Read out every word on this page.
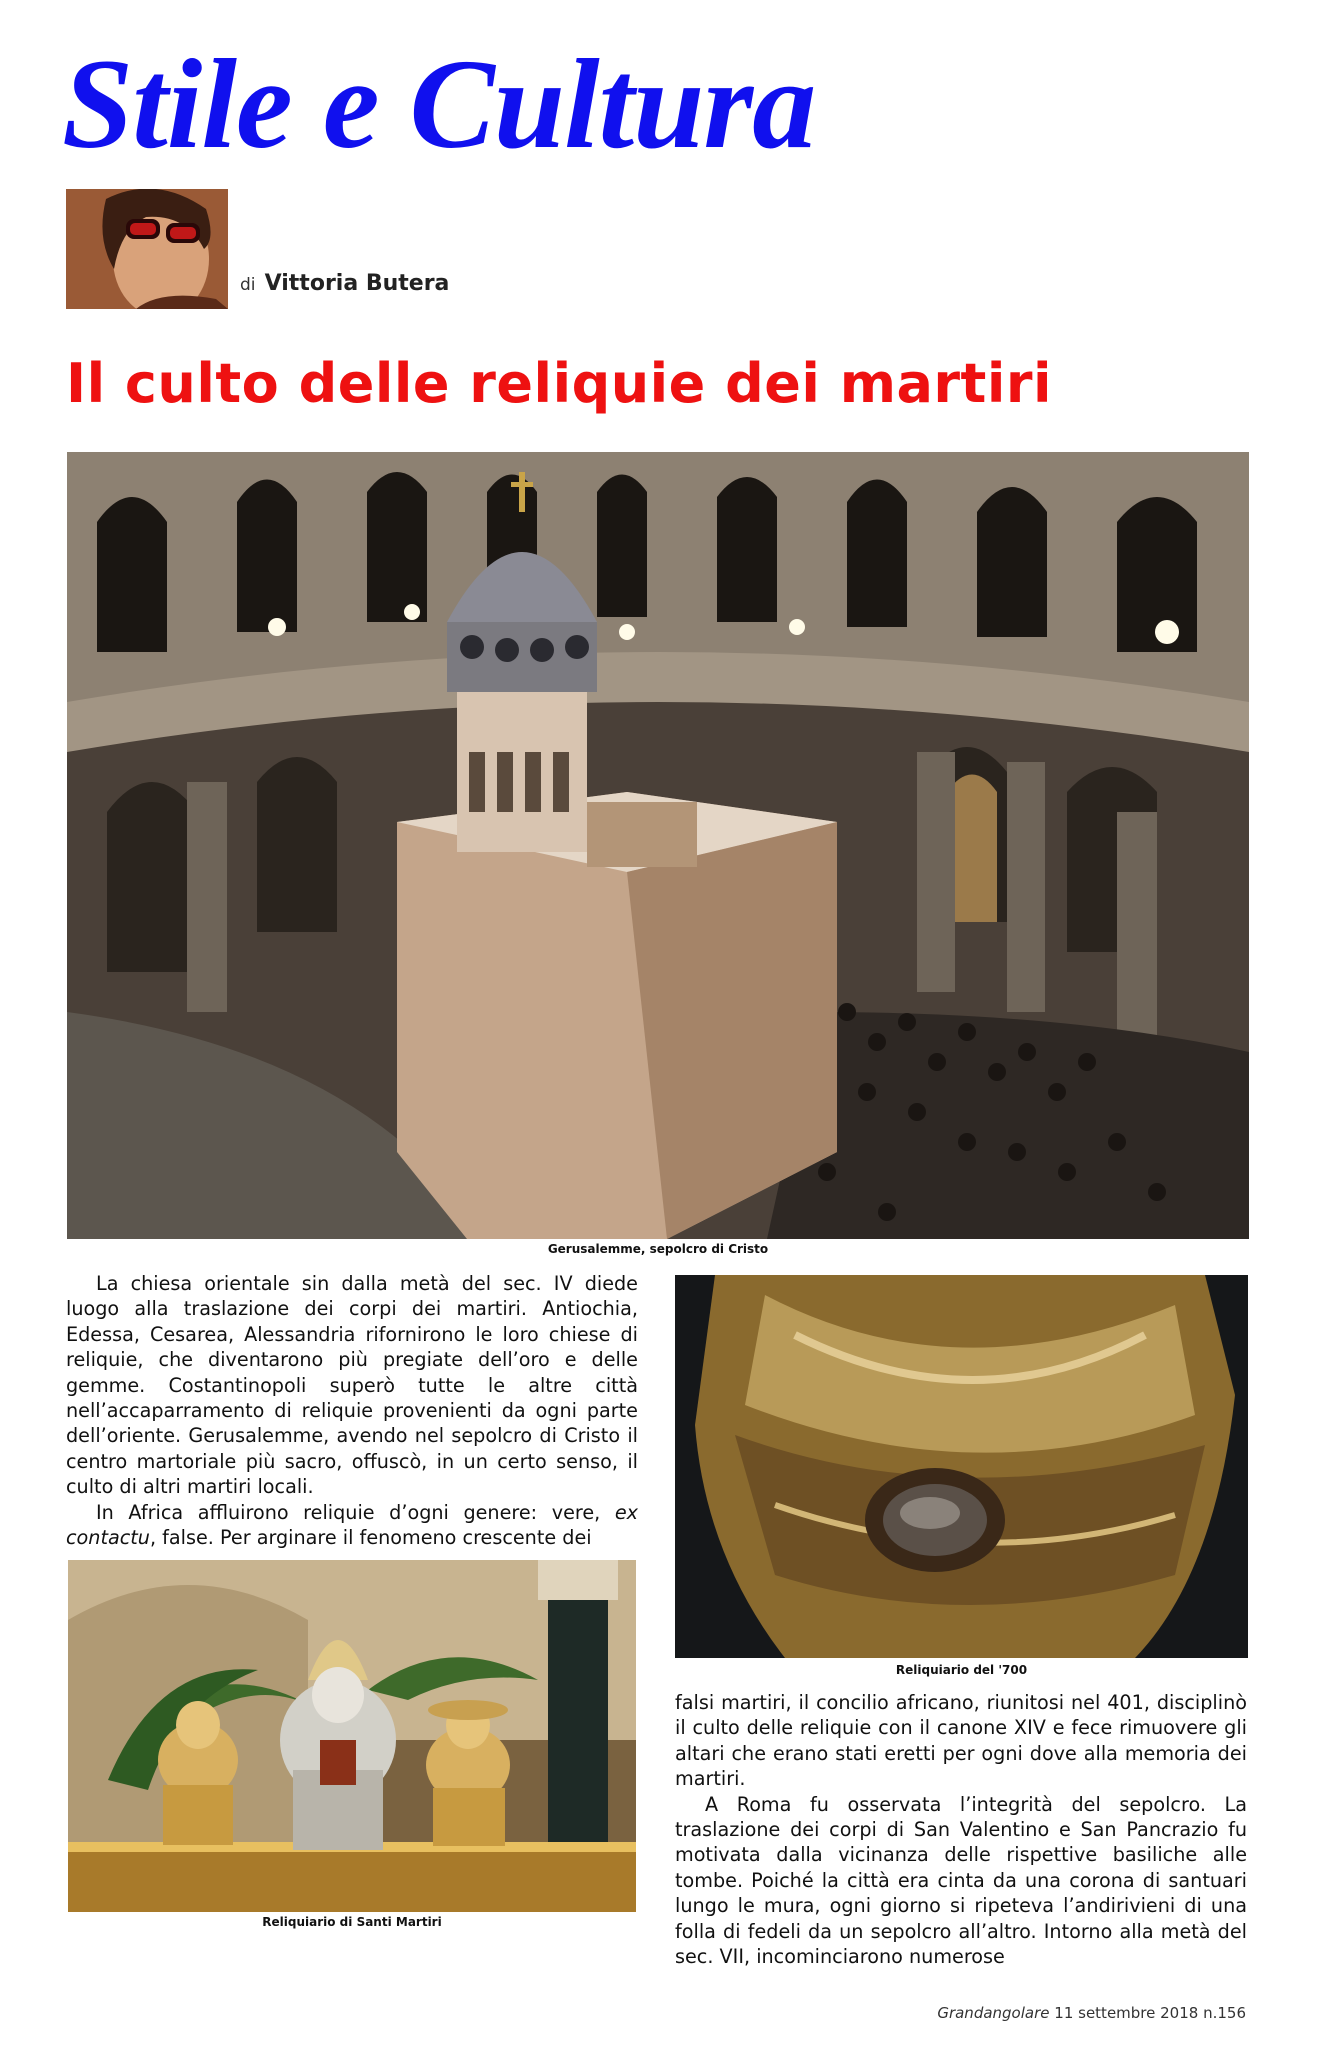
Stile e Cultura
di Vittoria Butera
Il culto delle reliquie dei martiri
Gerusalemme, sepolcro di Cristo

La chiesa orientale sin dalla metà del sec. IV diede luogo alla traslazione dei corpi dei martiri. Antiochia, Edessa, Cesarea, Alessandria rifornirono le loro chiese di reliquie, che diventarono più pregiate dell’oro e delle gemme. Costantinopoli superò tutte le altre città nell’accaparramento di reliquie provenienti da ogni parte dell’oriente. Gerusalemme, avendo nel sepolcro di Cristo il centro martoriale più sacro, offuscò, in un certo senso, il culto di altri martiri locali.

In Africa affluirono reliquie d’ogni genere: vere, ex contactu, false. Per arginare il fenomeno crescente dei

Reliquiario del '700
Reliquiario di Santi Martiri

falsi martiri, il concilio africano, riunitosi nel 401, disciplinò il culto delle reliquie con il canone XIV e fece rimuovere gli altari che erano stati eretti per ogni dove alla memoria dei martiri.

A Roma fu osservata l’integrità del sepolcro. La traslazione dei corpi di San Valentino e San Pancrazio fu motivata dalla vicinanza delle rispettive basiliche alle tombe. Poiché la città era cinta da una corona di santuari lungo le mura, ogni giorno si ripeteva l’andirivieni di una folla di fedeli da un sepolcro all’altro. Intorno alla metà del sec. VII, incominciarono numerose

Grandangolare 11 settembre 2018 n.156
